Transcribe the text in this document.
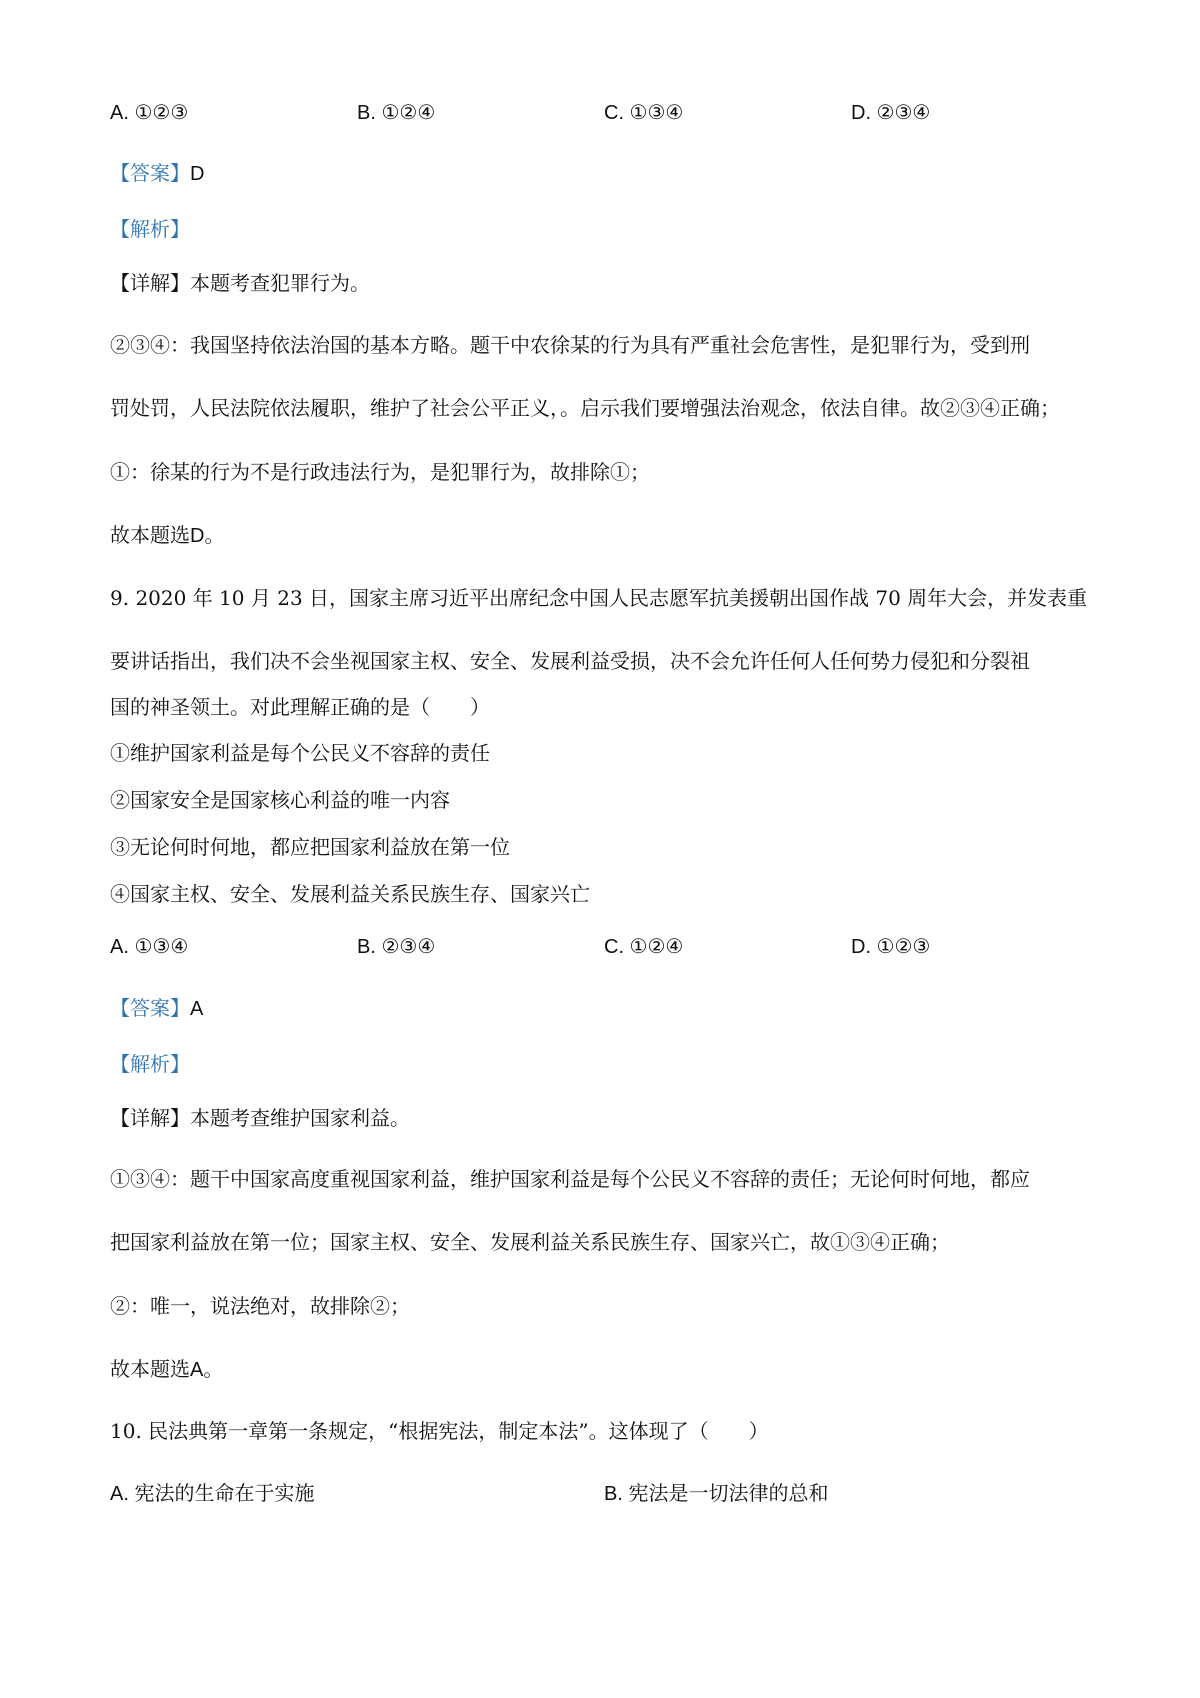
A. ①②③	B. ①②④	C. ①③④	D. ②③④
【答案】D
【解析】
【详解】本题考查犯罪行为。
②③④：我国坚持依法治国的基本方略。题干中农徐某的行为具有严重社会危害性，是犯罪行为，受到刑
罚处罚，人民法院依法履职，维护了社会公平正义，。启示我们要增强法治观念，依法自律。故②③④正确；
①：徐某的行为不是行政违法行为，是犯罪行为，故排除①；
故本题选D。
9. 2020 年 10 月 23 日，国家主席习近平出席纪念中国人民志愿军抗美援朝出国作战 70 周年大会，并发表重
要讲话指出，我们决不会坐视国家主权、安全、发展利益受损，决不会允许任何人任何势力侵犯和分裂祖
国的神圣领土。对此理解正确的是（　　）
①维护国家利益是每个公民义不容辞的责任
②国家安全是国家核心利益的唯一内容
③无论何时何地，都应把国家利益放在第一位
④国家主权、安全、发展利益关系民族生存、国家兴亡
A. ①③④	B. ②③④	C. ①②④	D. ①②③
【答案】A
【解析】
【详解】本题考查维护国家利益。
①③④：题干中国家高度重视国家利益，维护国家利益是每个公民义不容辞的责任；无论何时何地，都应
把国家利益放在第一位；国家主权、安全、发展利益关系民族生存、国家兴亡，故①③④正确；
②：唯一，说法绝对，故排除②；
故本题选A。
10. 民法典第一章第一条规定，“根据宪法，制定本法”。这体现了（　　）
A. 宪法的生命在于实施	B. 宪法是一切法律的总和
